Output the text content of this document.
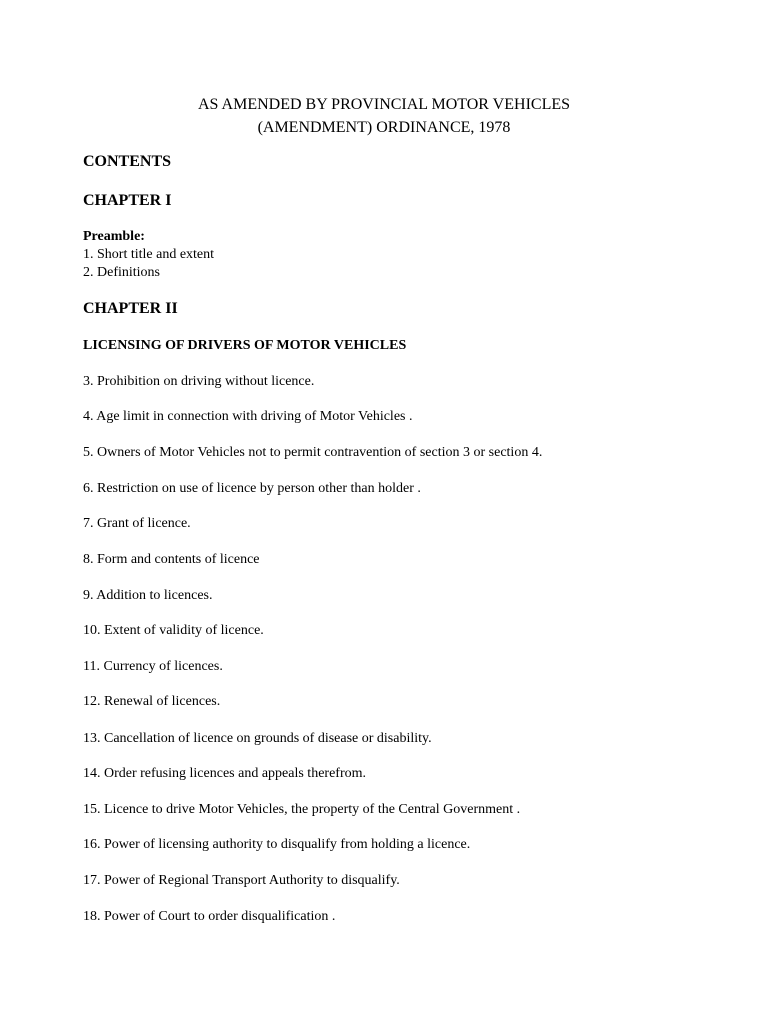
AS AMENDED BY PROVINCIAL MOTOR VEHICLES
(AMENDMENT) ORDINANCE, 1978
CONTENTS
CHAPTER I
Preamble:
1. Short title and extent
2. Definitions
CHAPTER II
LICENSING OF DRIVERS OF MOTOR VEHICLES
3. Prohibition on driving without licence.
4. Age limit in connection with driving of Motor Vehicles .
5. Owners of Motor Vehicles not to permit contravention of section 3 or section 4.
6. Restriction on use of licence by person other than holder .
7. Grant of licence.
8. Form and contents of licence
9. Addition to licences.
10. Extent of validity of licence.
11. Currency of licences.
12. Renewal of licences.
13. Cancellation of licence on grounds of disease or disability.
14. Order refusing licences and appeals therefrom.
15. Licence to drive Motor Vehicles, the property of the Central Government .
16. Power of licensing authority to disqualify from holding a licence.
17. Power of Regional Transport Authority to disqualify.
18. Power of Court to order disqualification .
